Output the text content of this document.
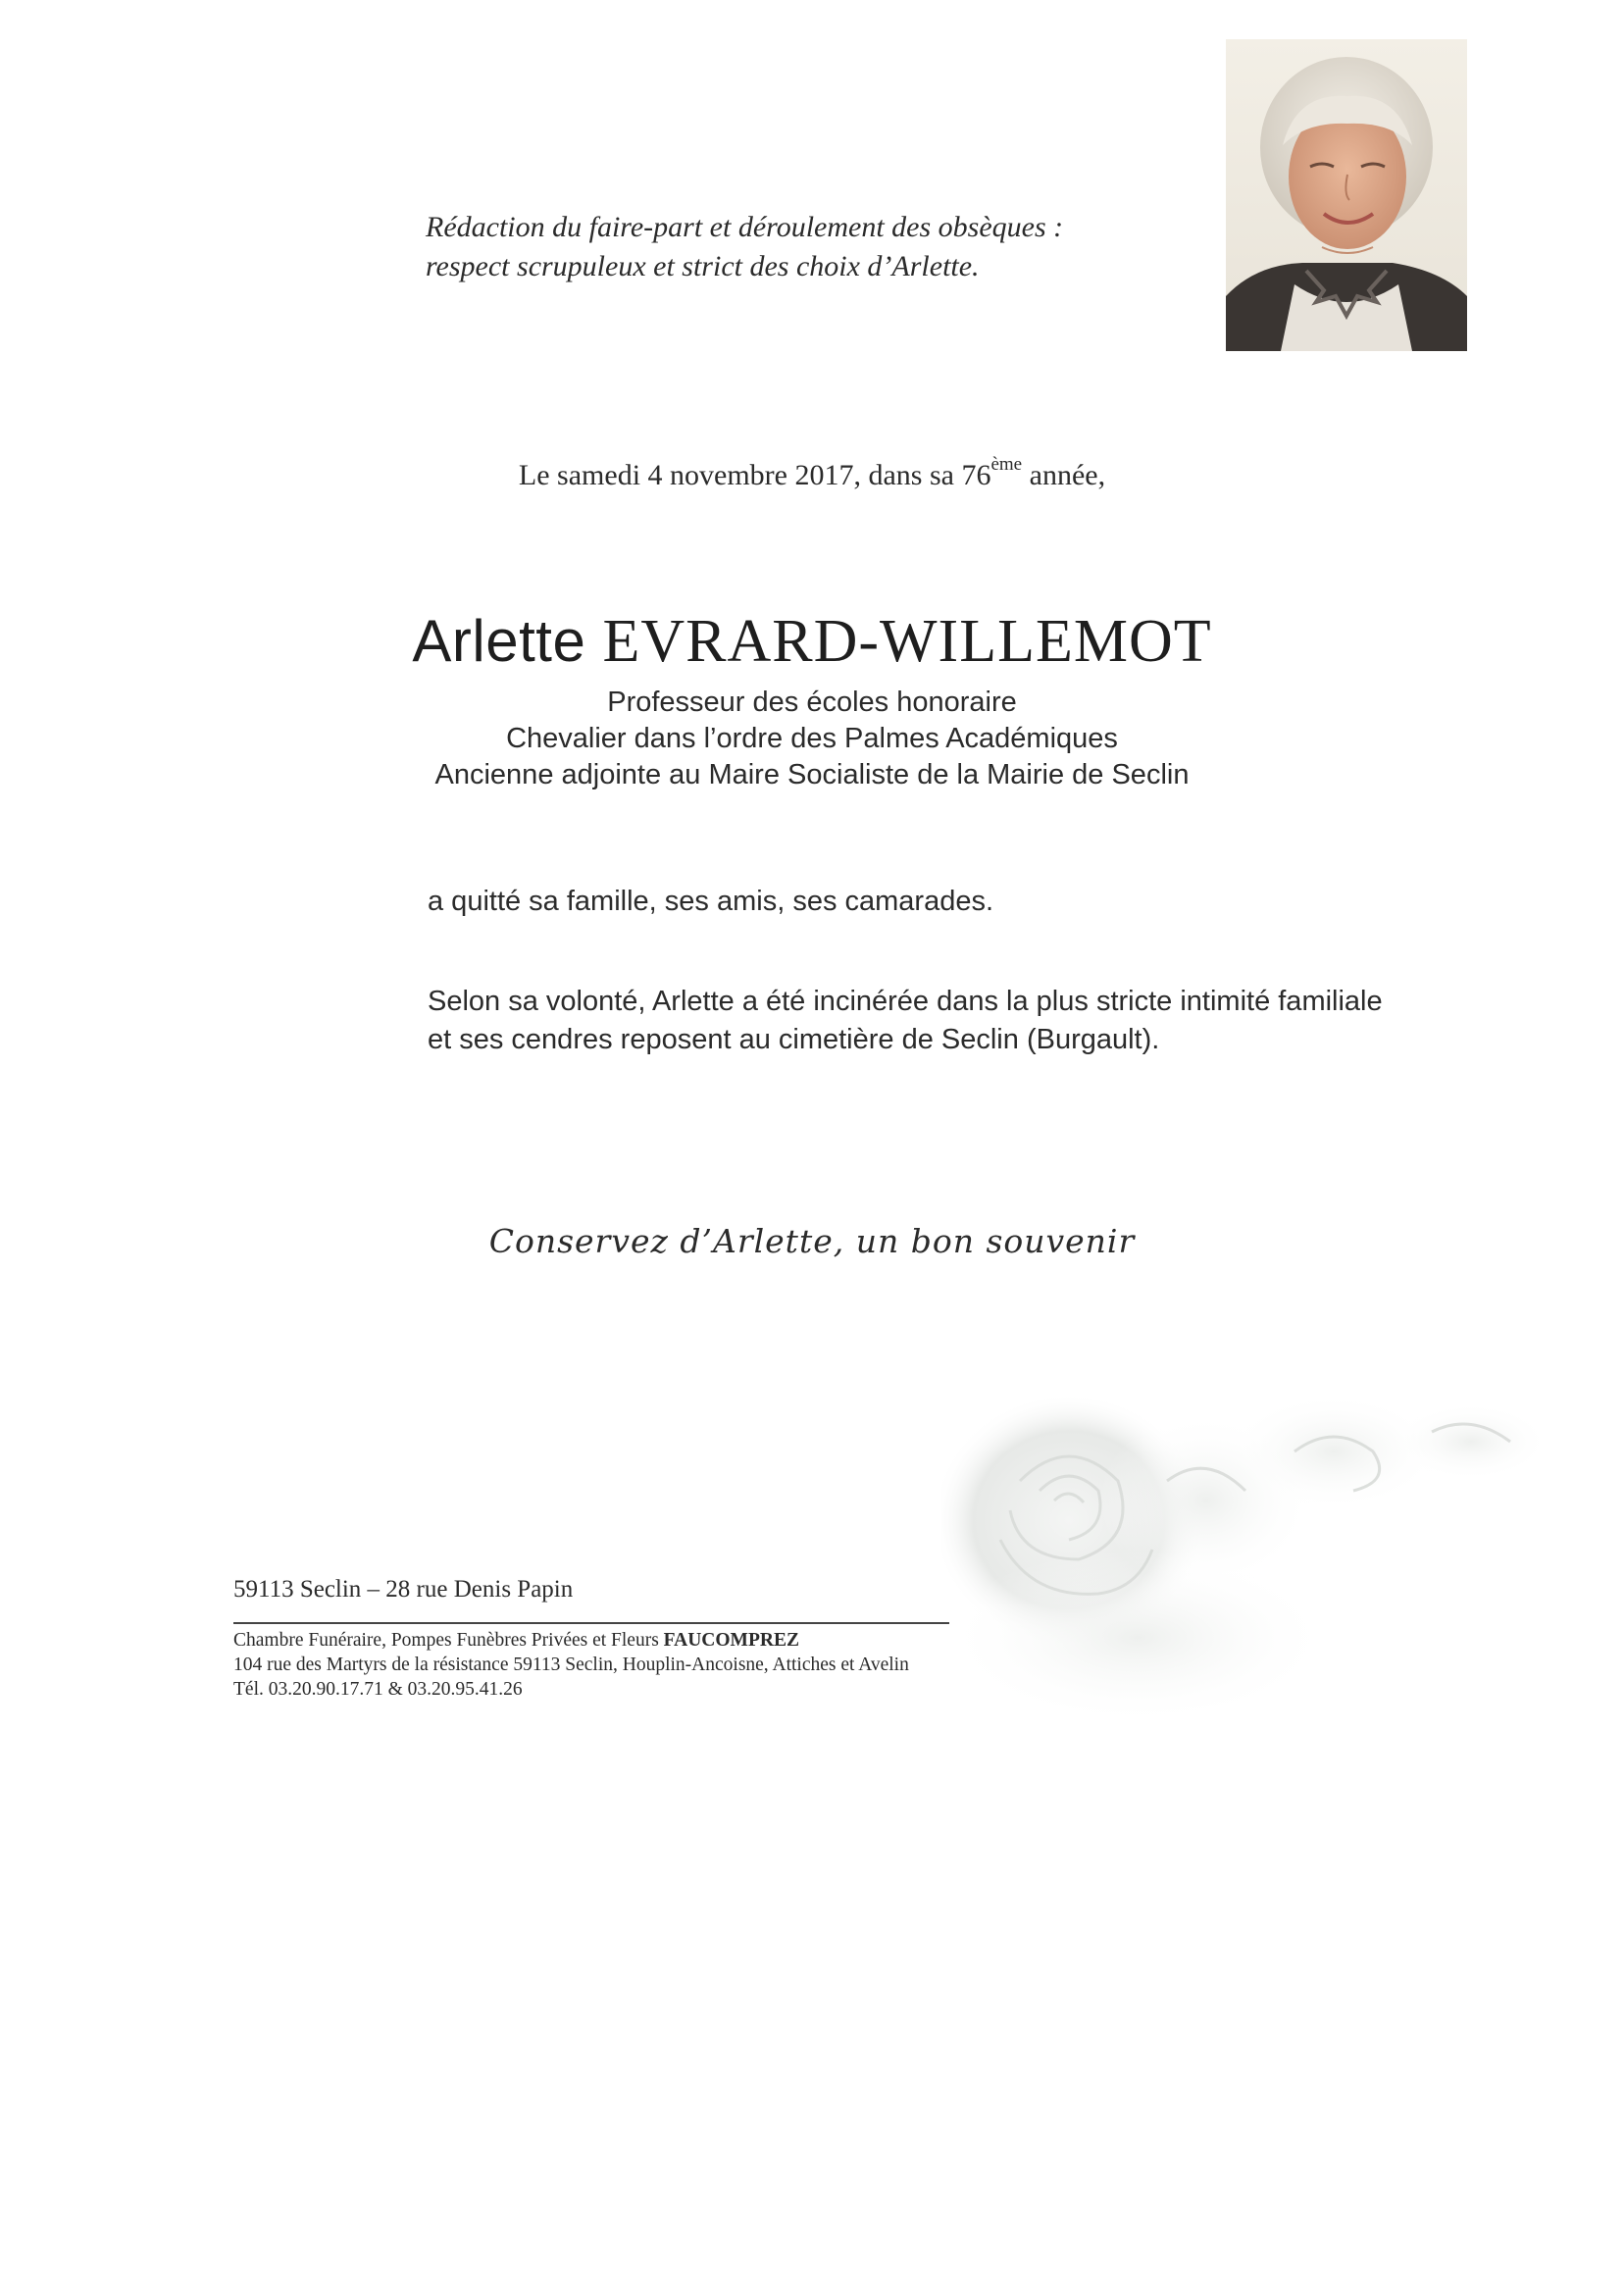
Rédaction du faire-part et déroulement des obsèques :
respect scrupuleux et strict des choix d’Arlette.
Le samedi 4 novembre 2017, dans sa 76ème année,
Arlette EVRARD-WILLEMOT
Professeur des écoles honoraire
Chevalier dans l’ordre des Palmes Académiques
Ancienne adjointe au Maire Socialiste de la Mairie de Seclin
a quitté sa famille, ses amis, ses camarades.
Selon sa volonté, Arlette a été incinérée dans la plus stricte intimité familiale
et ses cendres reposent au cimetière de Seclin (Burgault).
Conservez d’Arlette, un bon souvenir
59113 Seclin – 28 rue Denis Papin
Chambre Funéraire, Pompes Funèbres Privées et Fleurs FAUCOMPREZ
104 rue des Martyrs de la résistance 59113 Seclin, Houplin-Ancoisne, Attiches et Avelin
Tél. 03.20.90.17.71 & 03.20.95.41.26
